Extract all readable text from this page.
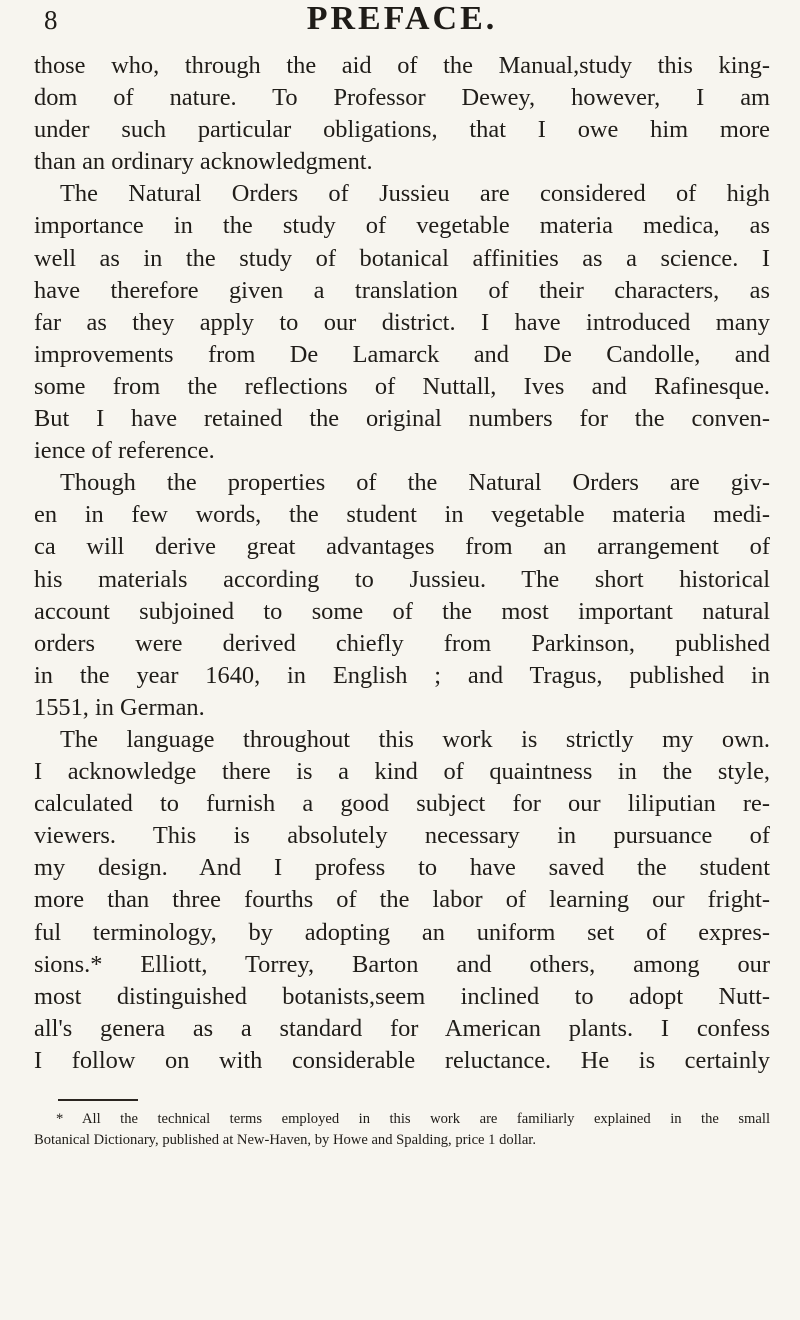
8	PREFACE.
those who, through the aid of the Manual,study this king-
dom of nature. To Professor Dewey, however, I am
under such particular obligations, that I owe him more
than an ordinary acknowledgment.
The Natural Orders of Jussieu are considered of high
importance in the study of vegetable materia medica, as
well as in the study of botanical affinities as a science. I
have therefore given a translation of their characters, as
far as they apply to our district. I have introduced many
improvements from De Lamarck and De Candolle, and
some from the reflections of Nuttall, Ives and Rafinesque.
But I have retained the original numbers for the conven-
ience of reference.
Though the properties of the Natural Orders are giv-
en in few words, the student in vegetable materia medi-
ca will derive great advantages from an arrangement of
his materials according to Jussieu. The short historical
account subjoined to some of the most important natural
orders were derived chiefly from Parkinson, published
in the year 1640, in English ; and Tragus, published in
1551, in German.
The language throughout this work is strictly my own.
I acknowledge there is a kind of quaintness in the style,
calculated to furnish a good subject for our liliputian re-
viewers. This is absolutely necessary in pursuance of
my design. And I profess to have saved the student
more than three fourths of the labor of learning our fright-
ful terminology, by adopting an uniform set of expres-
sions.* Elliott, Torrey, Barton and others, among our
most distinguished botanists,seem inclined to adopt Nutt-
all's genera as a standard for American plants. I confess
I follow on with considerable reluctance. He is certainly
* All the technical terms employed in this work are familiarly explained in the small
Botanical Dictionary, published at New-Haven, by Howe and Spalding, price 1 dollar.
